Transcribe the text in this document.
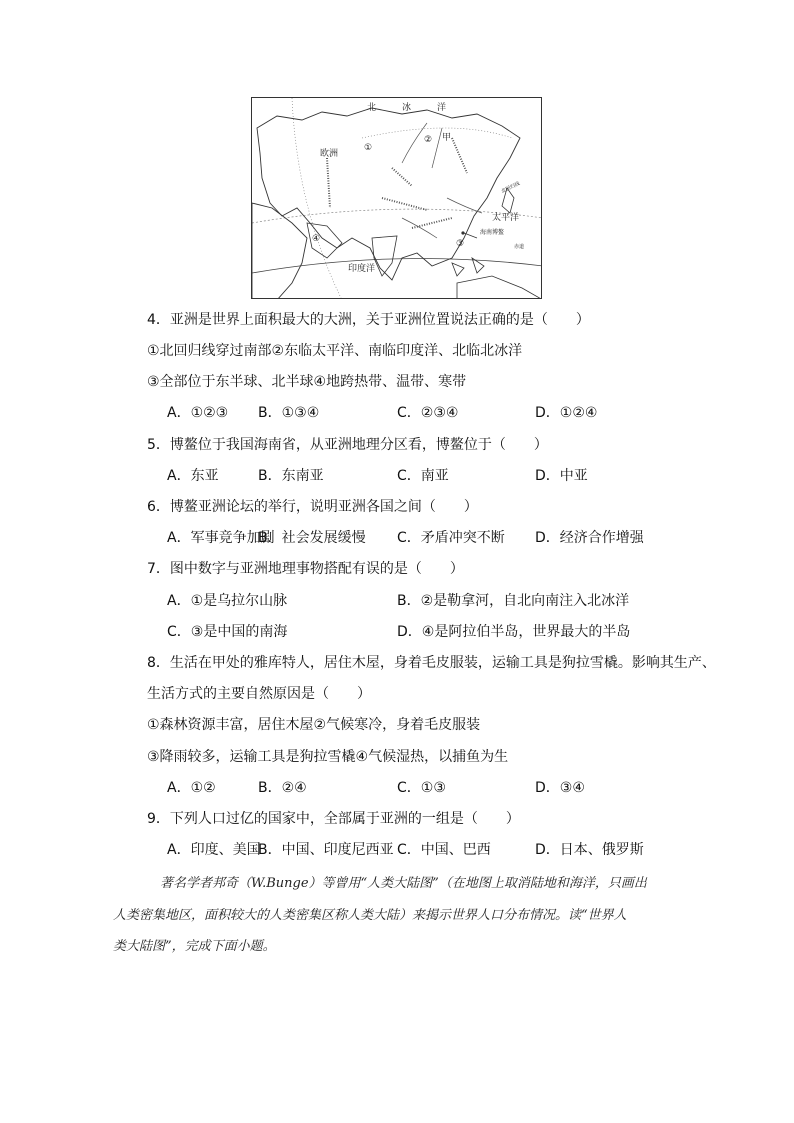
北	冰	洋
欧洲
甲
太平洋
海南博鳌
印度洋
①
②
③
④
北回归线
赤道
4．亚洲是世界上面积最大的大洲，关于亚洲位置说法正确的是（　　）
①北回归线穿过南部②东临太平洋、南临印度洋、北临北冰洋
③全部位于东半球、北半球④地跨热带、温带、寒带
A．①②③ B．①③④	C．②③④	D．①②④
5．博鳌位于我国海南省，从亚洲地理分区看，博鳌位于（　　）
A．东亚	B．东南亚	C．南亚	D．中亚
6．博鳌亚洲论坛的举行，说明亚洲各国之间（　　）
A．军事竞争加剧
B．社会发展缓慢 C．矛盾冲突不断 D．经济合作增强
7．图中数字与亚洲地理事物搭配有误的是（　　）
A．①是乌拉尔山脉	B．②是勒拿河，自北向南注入北冰洋
C．③是中国的南海	D．④是阿拉伯半岛，世界最大的半岛
8．生活在甲处的雅库特人，居住木屋，身着毛皮服装，运输工具是狗拉雪橇。影响其生产、
生活方式的主要自然原因是（　　）
①森林资源丰富，居住木屋②气候寒冷，身着毛皮服装
③降雨较多，运输工具是狗拉雪橇④气候湿热，以捕鱼为生
A．①②	B．②④	C．①③	D．③④
9．下列人口过亿的国家中，全部属于亚洲的一组是（　　）
A．印度、美国
B．中国、印度尼西亚 C．中国、巴西	D．日本、俄罗斯
著名学者邦奇（W.Bunge）等曾用“人类大陆图”（在地图上取消陆地和海洋，只画出
人类密集地区，面积较大的人类密集区称人类大陆）来揭示世界人口分布情况。读“世界人
类大陆图”，完成下面小题。
